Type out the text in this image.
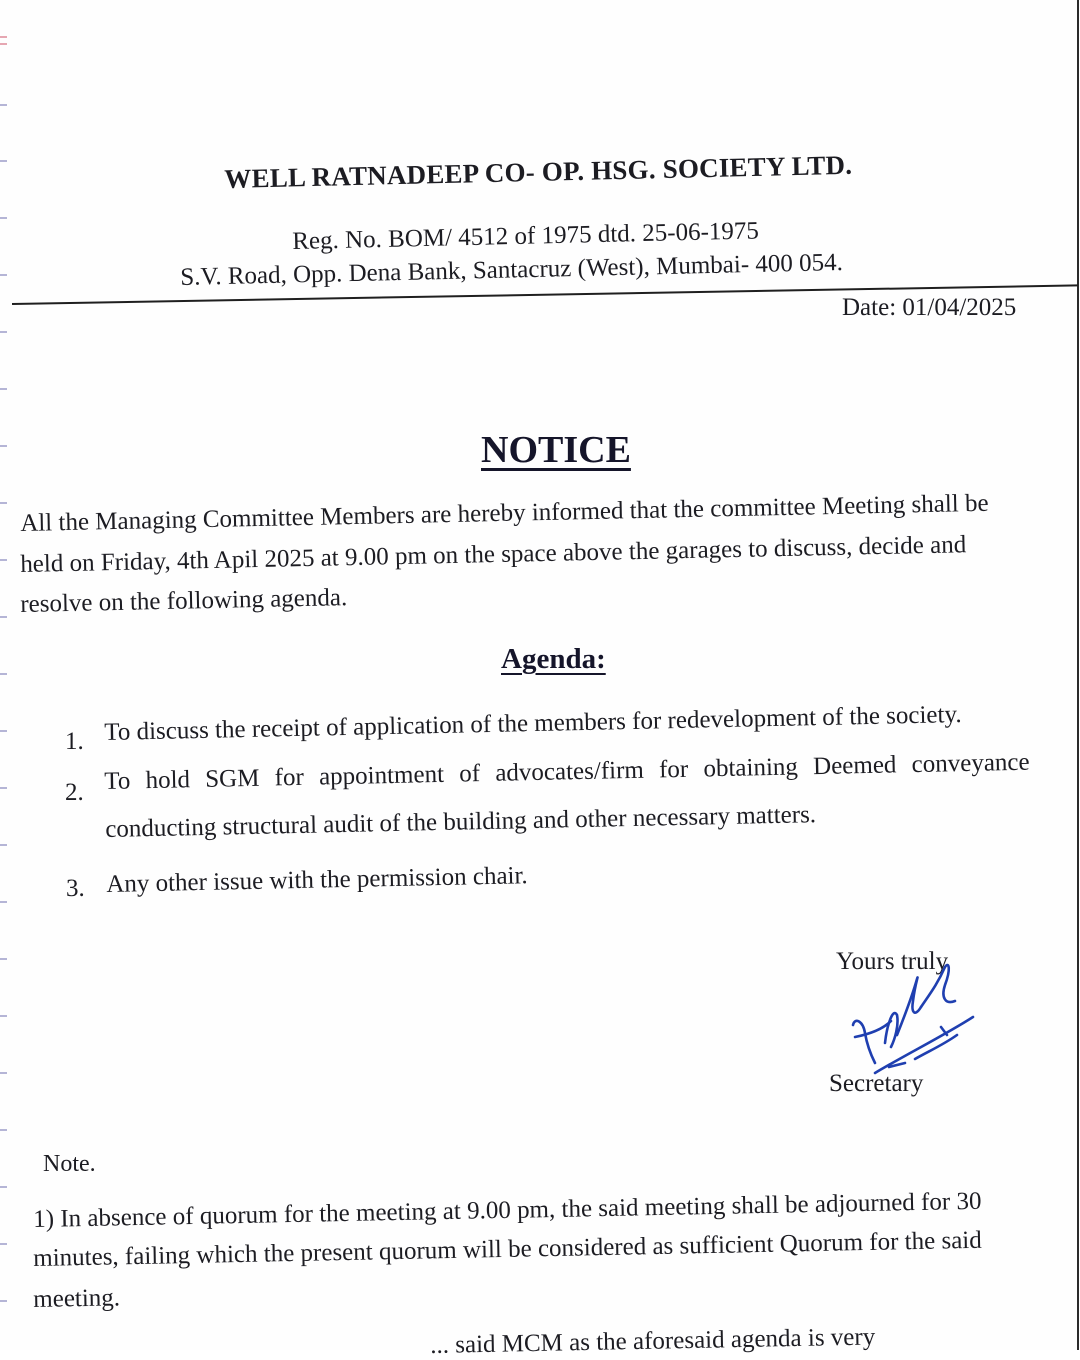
WELL RATNADEEP CO- OP. HSG. SOCIETY LTD.
Reg. No. BOM/ 4512 of 1975 dtd. 25-06-1975
S.V. Road, Opp. Dena Bank, Santacruz (West), Mumbai- 400 054.
Date: 01/04/2025
NOTICE
All the Managing Committee Members are hereby informed that the committee Meeting shall be
held on Friday, 4th Apil 2025 at 9.00 pm on the space above the garages to discuss, decide and
resolve on the following agenda.
Agenda:
1. To discuss the receipt of application of the members for redevelopment of the society.
2. To hold SGM for appointment of advocates/firm for obtaining Deemed conveyance
conducting structural audit of the building and other necessary matters.
3. Any other issue with the permission chair.
Yours truly
Secretary
Note.
1) In absence of quorum for the meeting at 9.00 pm, the said meeting shall be adjourned for 30
minutes, failing which the present quorum will be considered as sufficient Quorum for the said
meeting.
... said MCM as the aforesaid agenda is very
